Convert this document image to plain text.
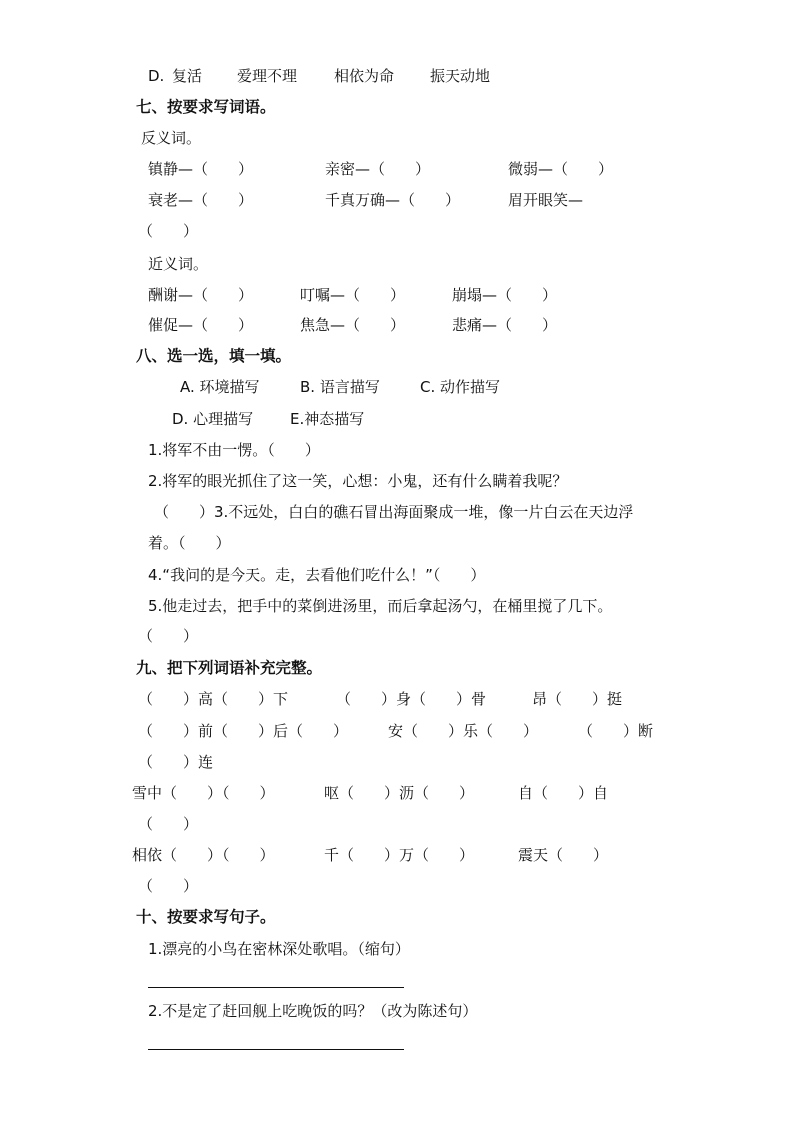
D. 复活 爱理不理 相依为命 振天动地
七、按要求写词语。
反义词。
镇静—（　　）	亲密—（　　）	微弱—（　　）
衰老—（　　）	千真万确—（　　）	眉开眼笑—
（　　）
近义词。
酬谢—（　　）	叮嘱—（　　）	崩塌—（　　）
催促—（　　）	焦急—（　　）	悲痛—（　　）
八、选一选，填一填。
A. 环境描写	B. 语言描写	C. 动作描写
D. 心理描写 E.神态描写
1.将军不由一愣。（　　）
2.将军的眼光抓住了这一笑，心想：小鬼，还有什么瞒着我呢？
（　　）3.不远处，白白的礁石冒出海面聚成一堆，像一片白云在天边浮
着。（　　）
4.“我问的是今天。走，去看他们吃什么！”（　　）
5.他走过去，把手中的菜倒进汤里，而后拿起汤勺，在桶里搅了几下。
（　　）
九、把下列词语补充完整。
（　　）高（　　）下	（　　）身（　　）骨	昂（　　）挺
（　　）前（　　）后（　　）	安（　　）乐（　　）	（　　）断
（　　）连
雪中（　　）（　　）	呕（　　）沥（　　）	自（　　）自
（　　）
相依（　　）（　　）	千（　　）万（　　）	震天（　　）
（　　）
十、按要求写句子。
1.漂亮的小鸟在密林深处歌唱。（缩句）
2.不是定了赶回舰上吃晚饭的吗？（改为陈述句）
